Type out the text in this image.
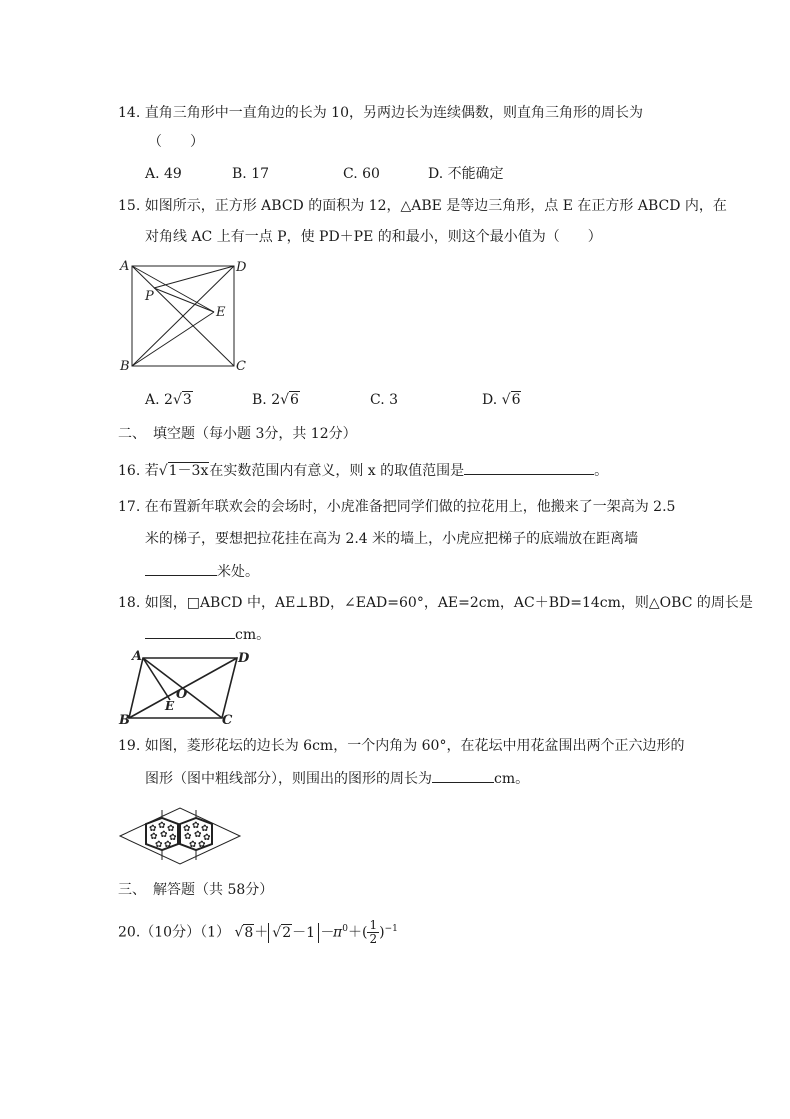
14. 直角三角形中一直角边的长为 10，另两边长为连续偶数，则直角三角形的周长为
（　　）
A. 49	B. 17	C. 60	D. 不能确定
15. 如图所示，正方形 ABCD 的面积为 12，△ABE 是等边三角形，点 E 在正方形 ABCD 内，在
对角线 AC 上有一点 P，使 PD＋PE 的和最小，则这个最小值为（　　）
A	D
B	C
P
E
A. 2√3	B. 2√6	C. 3	D. √6
二、　填空题（每小题 3分，共 12分）
16. 若√1－3x在实数范围内有意义，则 x 的取值范围是	。
17. 在布置新年联欢会的会场时，小虎准备把同学们做的拉花用上，他搬来了一架高为 2.5
米的梯子，要想把拉花挂在高为 2.4 米的墙上，小虎应把梯子的底端放在距离墙
米处。
18. 如图，□ABCD 中，AE⊥BD，∠EAD=60°，AE=2cm，AC＋BD=14cm，则△OBC 的周长是
cm。
A	D
B	C
O
E
19. 如图，菱形花坛的边长为 6cm，一个内角为 60°，在花坛中用花盆围出两个正六边形的
图形（图中粗线部分），则围出的图形的周长为	cm。
✿ ✿ ✿
✿ ✿ ✿
✿ ✿
✿ ✿ ✿
✿ ✿ ✿
✿ ✿
三、　解答题（共 58分）
20.（10分）（1） $√8+ √2-1 -\pi^0+( \frac{1}{2} )^{-1}$
